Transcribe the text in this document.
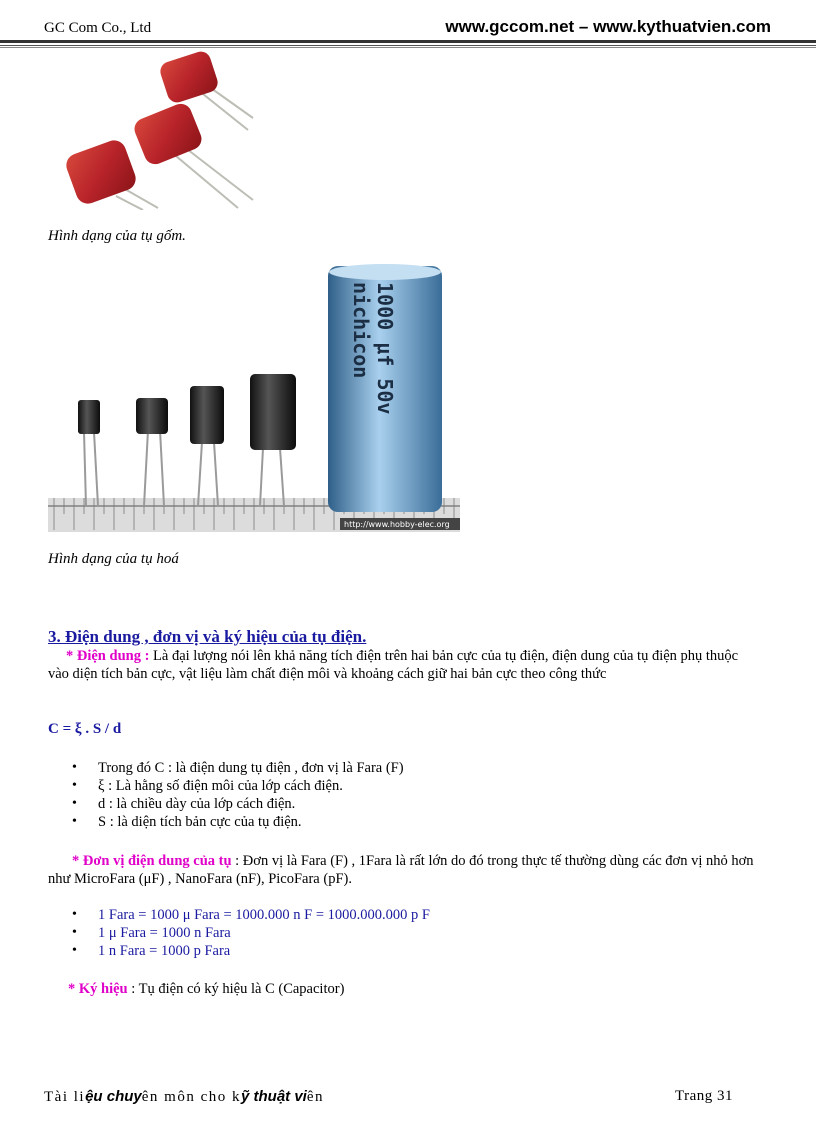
GC Com Co., Ltd	www.gccom.net – www.kythuatvien.com
Hình dạng của tụ gốm.
nichicon 1000 μf 50v
http://www.hobby-elec.org
Hình dạng của tụ hoá
3. Điện dung , đơn vị và ký hiệu của tụ điện.
* Điện dung : Là đại lượng nói lên khả năng tích điện trên hai bản cực của tụ điện, điện dung của tụ điện phụ thuộc vào diện tích bản cực, vật liệu làm chất điện môi và khoảng cách giữ hai bản cực theo công thức
C = ξ . S / d
• Trong đó C : là điện dung tụ điện , đơn vị là Fara (F)
• ξ : Là hằng số điện môi của lớp cách điện.
• d : là chiều dày của lớp cách điện.
• S : là diện tích bản cực của tụ điện.
* Đơn vị điện dung của tụ : Đơn vị là Fara (F) , 1Fara là rất lớn do đó trong thực tế thường dùng các đơn vị nhỏ hơn như MicroFara (μF) , NanoFara (nF), PicoFara (pF).
• 1 Fara = 1000 μ Fara = 1000.000 n F = 1000.000.000 p F
• 1 μ Fara = 1000 n Fara
• 1 n Fara = 1000 p Fara
* Ký hiệu : Tụ điện có ký hiệu là C (Capacitor)
Tài liệu chuyên môn cho kỹ thuật viên	Trang 31
